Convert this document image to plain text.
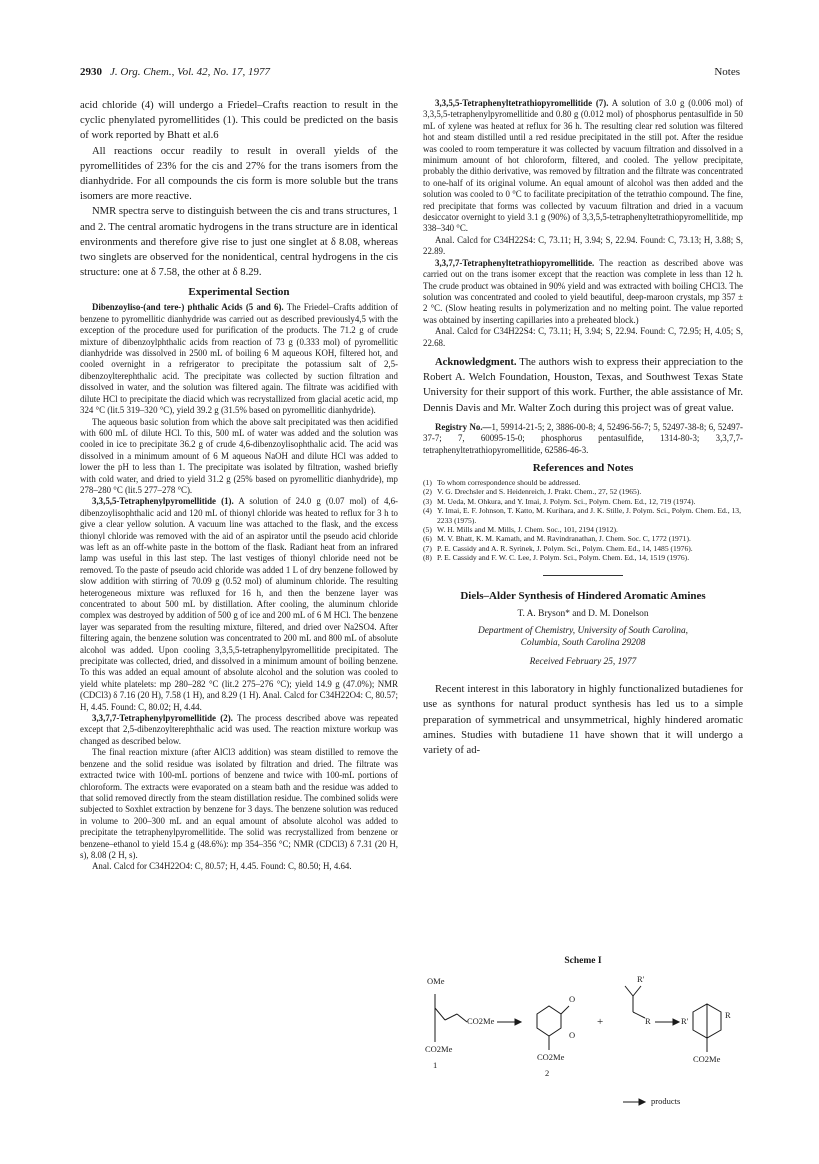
2930 J. Org. Chem., Vol. 42, No. 17, 1977	Notes

acid chloride (4) will undergo a Friedel–Crafts reaction to result in the cyclic phenylated pyromellitides (1). This could be predicted on the basis of work reported by Bhatt et al.6

All reactions occur readily to result in overall yields of the pyromellitides of 23% for the cis and 27% for the trans isomers from the dianhydride. For all compounds the cis form is more soluble but the trans isomers are more reactive.

NMR spectra serve to distinguish between the cis and trans structures, 1 and 2. The central aromatic hydrogens in the trans structure are in identical environments and therefore give rise to just one singlet at δ 8.08, whereas two singlets are observed for the nonidentical, central hydrogens in the cis structure: one at δ 7.58, the other at δ 8.29.

Experimental Section

Dibenzoyliso-(and tere-) phthalic Acids (5 and 6). The Friedel–Crafts addition of benzene to pyromellitic dianhydride was carried out as described previously4,5 with the exception of the procedure used for purification of the products. The 71.2 g of crude mixture of dibenzoylphthalic acids from reaction of 73 g (0.333 mol) of pyromellitic dianhydride was dissolved in 2500 mL of boiling 6 M aqueous KOH, filtered hot, and cooled overnight in a refrigerator to precipitate the potassium salt of 2,5-dibenzoylterephthalic acid. The precipitate was collected by suction filtration and dissolved in water, and the solution was filtered again. The filtrate was acidified with dilute HCl to precipitate the diacid which was recrystallized from glacial acetic acid, mp 324 °C (lit.5 319–320 °C), yield 39.2 g (31.5% based on pyromellitic dianhydride).

The aqueous basic solution from which the above salt precipitated was then acidified with 600 mL of dilute HCl. To this, 500 mL of water was added and the solution was cooled in ice to precipitate 36.2 g of crude 4,6-dibenzoylisophthalic acid. The acid was dissolved in a minimum amount of 6 M aqueous NaOH and dilute HCl was added to lower the pH to less than 1. The precipitate was isolated by filtration, washed briefly with cold water, and dried to yield 31.2 g (25% based on pyromellitic dianhydride), mp 278–280 °C (lit.5 277–278 °C).

3,3,5,5-Tetraphenylpyromellitide (1). A solution of 24.0 g (0.07 mol) of 4,6-dibenzoylisophthalic acid and 120 mL of thionyl chloride was heated to reflux for 3 h to give a clear yellow solution. A vacuum line was attached to the flask, and the excess thionyl chloride was removed with the aid of an aspirator until the pseudo acid chloride was left as an off-white paste in the bottom of the flask. Radiant heat from an infrared lamp was useful in this last step. The last vestiges of thionyl chloride need not be removed. To the paste of pseudo acid chloride was added 1 L of dry benzene followed by slow addition with stirring of 70.09 g (0.52 mol) of aluminum chloride. The resulting heterogeneous mixture was refluxed for 16 h, and then the benzene layer was concentrated to about 500 mL by distillation. After cooling, the aluminum chloride complex was destroyed by addition of 500 g of ice and 200 mL of 6 M HCl. The benzene layer was separated from the resulting mixture, filtered, and dried over Na2SO4. After filtering again, the benzene solution was concentrated to 200 mL and 800 mL of absolute alcohol was added. Upon cooling 3,3,5,5-tetraphenylpyromellitide precipitated. The precipitate was collected, dried, and dissolved in a minimum amount of boiling benzene. To this was added an equal amount of absolute alcohol and the solution was cooled to yield white platelets: mp 280–282 °C (lit.2 275–276 °C); yield 14.9 g (47.0%); NMR (CDCl3) δ 7.16 (20 H), 7.58 (1 H), and 8.29 (1 H). Anal. Calcd for C34H22O4: C, 80.57; H, 4.45. Found: C, 80.02; H, 4.44.

3,3,7,7-Tetraphenylpyromellitide (2). The process described above was repeated except that 2,5-dibenzoylterephthalic acid was used. The reaction mixture workup was changed as described below.

The final reaction mixture (after AlCl3 addition) was steam distilled to remove the benzene and the solid residue was isolated by filtration and dried. The filtrate was extracted twice with 100-mL portions of benzene and twice with 100-mL portions of chloroform. The extracts were evaporated on a steam bath and the residue was added to that solid removed directly from the steam distillation residue. The combined solids were subjected to Soxhlet extraction by benzene for 3 days. The benzene solution was reduced in volume to 200–300 mL and an equal amount of absolute alcohol was added to precipitate the tetraphenylpyromellitide. The solid was recrystallized from benzene or benzene–ethanol to yield 15.4 g (48.6%): mp 354–356 °C; NMR (CDCl3) δ 7.31 (20 H, s), 8.08 (2 H, s).

Anal. Calcd for C34H22O4: C, 80.57; H, 4.45. Found: C, 80.50; H, 4.64.

3,3,5,5-Tetraphenyltetrathiopyromellitide (7). A solution of 3.0 g (0.006 mol) of 3,3,5,5-tetraphenylpyromellitide and 0.80 g (0.012 mol) of phosphorus pentasulfide in 50 mL of xylene was heated at reflux for 36 h. The resulting clear red solution was filtered hot and steam distilled until a red residue precipitated in the still pot. After the residue was cooled to room temperature it was collected by vacuum filtration and dissolved in a minimum amount of hot chloroform, filtered, and cooled. The yellow precipitate, probably the dithio derivative, was removed by filtration and the filtrate was concentrated to one-half of its original volume. An equal amount of alcohol was then added and the solution was cooled to 0 °C to facilitate precipitation of the tetrathio compound. The fine, red precipitate that forms was collected by vacuum filtration and dried in a vacuum desiccator overnight to yield 3.1 g (90%) of 3,3,5,5-tetraphenyltetrathiopyromellitide, mp 338–340 °C.

Anal. Calcd for C34H22S4: C, 73.11; H, 3.94; S, 22.94. Found: C, 73.13; H, 3.88; S, 22.89.

3,3,7,7-Tetraphenyltetrathiopyromellitide. The reaction as described above was carried out on the trans isomer except that the reaction was complete in less than 12 h. The crude product was obtained in 90% yield and was extracted with boiling CHCl3. The solution was concentrated and cooled to yield beautiful, deep-maroon crystals, mp 357 ± 2 °C. (Slow heating results in polymerization and no melting point. The value reported was obtained by inserting capillaries into a preheated block.)

Anal. Calcd for C34H22S4: C, 73.11; H, 3.94; S, 22.94. Found: C, 72.95; H, 4.05; S, 22.68.

Acknowledgment. The authors wish to express their appreciation to the Robert A. Welch Foundation, Houston, Texas, and Southwest Texas State University for their support of this work. Further, the able assistance of Mr. Dennis Davis and Mr. Walter Zoch during this project was of great value.

Registry No.—1, 59914-21-5; 2, 3886-00-8; 4, 52496-56-7; 5, 52497-38-8; 6, 52497-37-7; 7, 60095-15-0; phosphorus pentasulfide, 1314-80-3; 3,3,7,7-tetraphenyltetrathiopyromellitide, 62586-46-3.

References and Notes
(1) To whom correspondence should be addressed.
(2) V. G. Drechsler and S. Heidenreich, J. Prakt. Chem., 27, 52 (1965).
(3) M. Ueda, M. Ohkura, and Y. Imai, J. Polym. Sci., Polym. Chem. Ed., 12, 719 (1974).
(4) Y. Imai, E. F. Johnson, T. Katto, M. Kurihara, and J. K. Stille, J. Polym. Sci., Polym. Chem. Ed., 13, 2233 (1975).
(5) W. H. Mills and M. Mills, J. Chem. Soc., 101, 2194 (1912).
(6) M. V. Bhatt, K. M. Kamath, and M. Ravindranathan, J. Chem. Soc. C, 1772 (1971).
(7) P. E. Cassidy and A. R. Syrinek, J. Polym. Sci., Polym. Chem. Ed., 14, 1485 (1976).
(8) P. E. Cassidy and F. W. C. Lee, J. Polym. Sci., Polym. Chem. Ed., 14, 1519 (1976).
Diels–Alder Synthesis of Hindered Aromatic Amines
T. A. Bryson* and D. M. Donelson
Department of Chemistry, University of South Carolina,
Columbia, South Carolina 29208
Received February 25, 1977

Recent interest in this laboratory in highly functionalized butadienes for use as synthons for natural product synthesis has led us to a simple preparation of symmetrical and unsymmetrical, highly hindered aromatic amines. Studies with butadiene 11 have shown that it will undergo a variety of ad-

Scheme I
OMe
CO2Me
CO2Me
1
O
O
CO2Me
2
+
R′
R	R′
R
CO2Me
products
